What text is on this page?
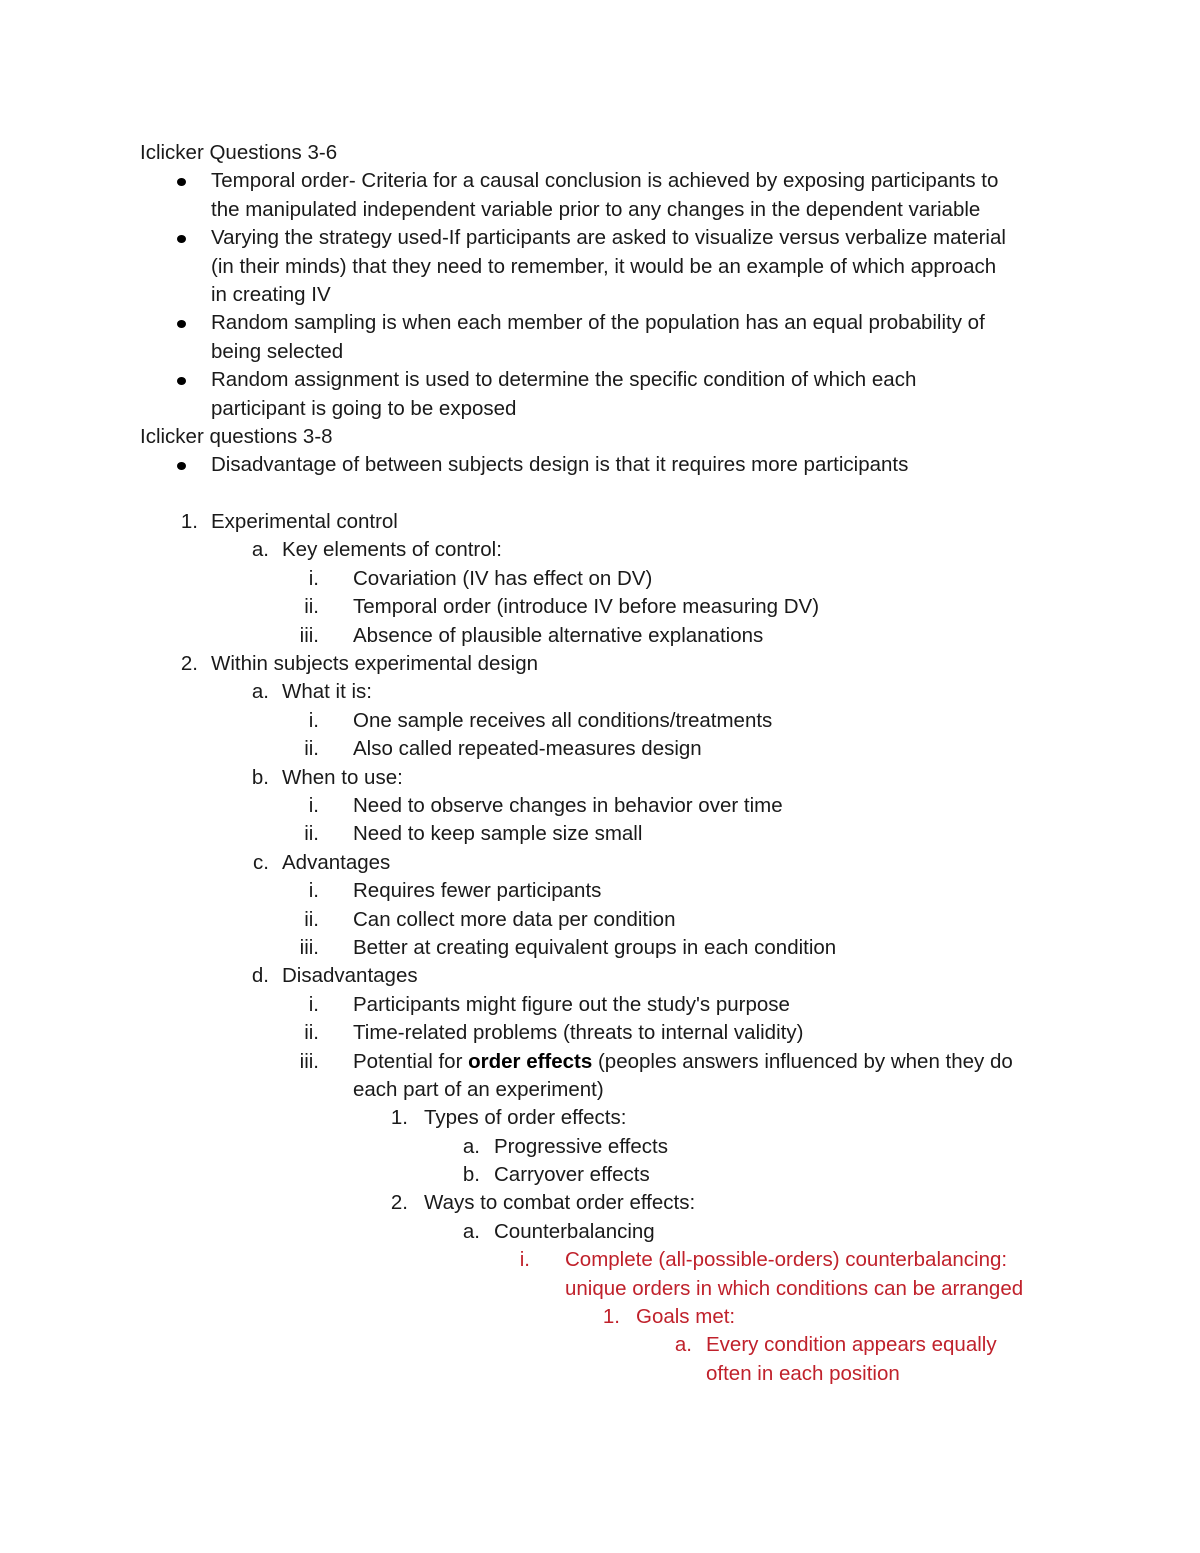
Iclicker Questions 3-6
Temporal order- Criteria for a causal conclusion is achieved by exposing participants to
the manipulated independent variable prior to any changes in the dependent variable
Varying the strategy used-If participants are asked to visualize versus verbalize material
(in their minds) that they need to remember, it would be an example of which approach
in creating IV
Random sampling is when each member of the population has an equal probability of
being selected
Random assignment is used to determine the specific condition of which each
participant is going to be exposed
Iclicker questions 3-8
Disadvantage of between subjects design is that it requires more participants
1. Experimental control
a. Key elements of control:
i. Covariation (IV has effect on DV)
ii. Temporal order (introduce IV before measuring DV)
iii. Absence of plausible alternative explanations
2. Within subjects experimental design
a. What it is:
i. One sample receives all conditions/treatments
ii. Also called repeated-measures design
b. When to use:
i. Need to observe changes in behavior over time
ii. Need to keep sample size small
c. Advantages
i. Requires fewer participants
ii. Can collect more data per condition
iii. Better at creating equivalent groups in each condition
d. Disadvantages
i. Participants might figure out the study's purpose
ii. Time-related problems (threats to internal validity)
iii. Potential for order effects (peoples answers influenced by when they do
each part of an experiment)
1. Types of order effects:
a. Progressive effects
b. Carryover effects
2. Ways to combat order effects:
a. Counterbalancing
i. Complete (all-possible-orders) counterbalancing:
unique orders in which conditions can be arranged
1. Goals met:
a. Every condition appears equally
often in each position
